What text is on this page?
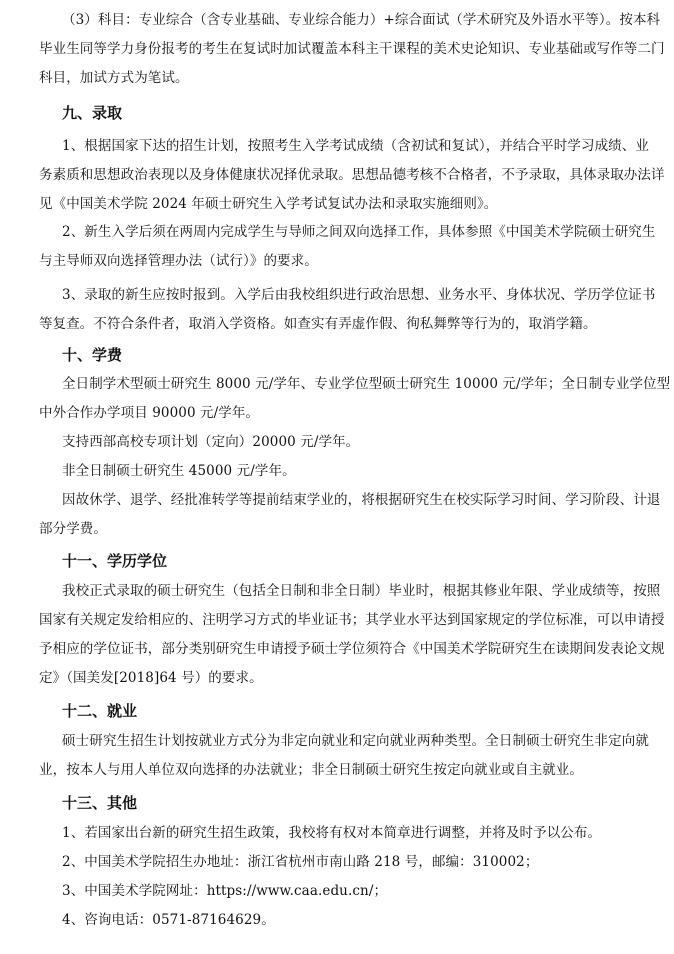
（3）科目：专业综合（含专业基础、专业综合能力）+综合面试（学术研究及外语水平等）。按本科
毕业生同等学力身份报考的考生在复试时加试覆盖本科主干课程的美术史论知识、专业基础或写作等二门
科目，加试方式为笔试。
九、录取
1、根据国家下达的招生计划，按照考生入学考试成绩（含初试和复试），并结合平时学习成绩、业
务素质和思想政治表现以及身体健康状况择优录取。思想品德考核不合格者，不予录取，具体录取办法详
见《中国美术学院 2024 年硕士研究生入学考试复试办法和录取实施细则》。
2、新生入学后须在两周内完成学生与导师之间双向选择工作，具体参照《中国美术学院硕士研究生
与主导师双向选择管理办法（试行）》的要求。
3、录取的新生应按时报到。入学后由我校组织进行政治思想、业务水平、身体状况、学历学位证书
等复查。不符合条件者，取消入学资格。如查实有弄虚作假、徇私舞弊等行为的，取消学籍。
十、学费
全日制学术型硕士研究生 8000 元/学年、专业学位型硕士研究生 10000 元/学年；全日制专业学位型
中外合作办学项目 90000 元/学年。
支持西部高校专项计划（定向）20000 元/学年。
非全日制硕士研究生 45000 元/学年。
因故休学、退学、经批准转学等提前结束学业的，将根据研究生在校实际学习时间、学习阶段、计退
部分学费。
十一、学历学位
我校正式录取的硕士研究生（包括全日制和非全日制）毕业时，根据其修业年限、学业成绩等，按照
国家有关规定发给相应的、注明学习方式的毕业证书；其学业水平达到国家规定的学位标准，可以申请授
予相应的学位证书，部分类别研究生申请授予硕士学位须符合《中国美术学院研究生在读期间发表论文规
定》（国美发[2018]64 号）的要求。
十二、就业
硕士研究生招生计划按就业方式分为非定向就业和定向就业两种类型。全日制硕士研究生非定向就
业，按本人与用人单位双向选择的办法就业；非全日制硕士研究生按定向就业或自主就业。
十三、其他
1、若国家出台新的研究生招生政策，我校将有权对本简章进行调整，并将及时予以公布。
2、中国美术学院招生办地址：浙江省杭州市南山路 218 号，邮编：310002；
3、中国美术学院网址：https://www.caa.edu.cn/；
4、咨询电话：0571-87164629。
